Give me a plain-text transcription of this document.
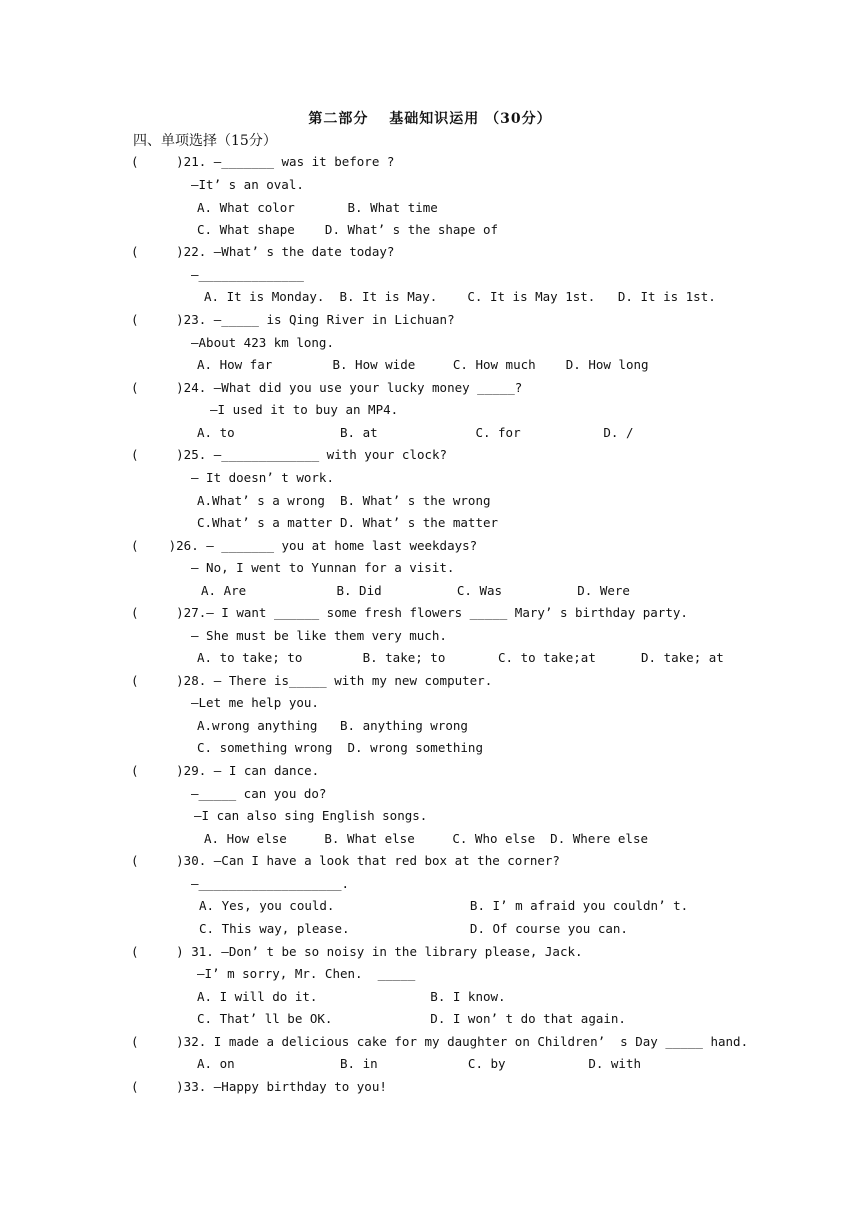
第二部分　 基础知识运用 （30分）
四、单项选择（15分）
(     )21. —_______ was it before ?
—It’ s an oval.
A. What color       B. What time
C. What shape    D. What’ s the shape of
(     )22. —What’ s the date today?
—______________
A. It is Monday.  B. It is May.    C. It is May 1st.   D. It is 1st.
(     )23. —_____ is Qing River in Lichuan?
—About 423 km long.
A. How far        B. How wide     C. How much    D. How long
(     )24. —What did you use your lucky money _____?
—I used it to buy an MP4.
A. to              B. at             C. for           D. /
(     )25. —_____________ with your clock?
— It doesn’ t work.
A.What’ s a wrong  B. What’ s the wrong
C.What’ s a matter D. What’ s the matter
(    )26. — _______ you at home last weekdays?
— No, I went to Yunnan for a visit.
A. Are            B. Did          C. Was          D. Were
(     )27.— I want ______ some fresh flowers _____ Mary’ s birthday party.
— She must be like them very much.
A. to take; to        B. take; to       C. to take;at      D. take; at
(     )28. — There is_____ with my new computer.
—Let me help you.
A.wrong anything   B. anything wrong
C. something wrong  D. wrong something
(     )29. — I can dance.
—_____ can you do?
—I can also sing English songs.
A. How else     B. What else     C. Who else  D. Where else
(     )30. —Can I have a look that red box at the corner?
—___________________.
A. Yes, you could.                  B. I’ m afraid you couldn’ t.
C. This way, please.                D. Of course you can.
(     ) 31. —Don’ t be so noisy in the library please, Jack.
—I’ m sorry, Mr. Chen.  _____
A. I will do it.               B. I know.
C. That’ ll be OK.             D. I won’ t do that again.
(     )32. I made a delicious cake for my daughter on Children’  s Day _____ hand.
A. on              B. in            C. by           D. with
(     )33. —Happy birthday to you!
